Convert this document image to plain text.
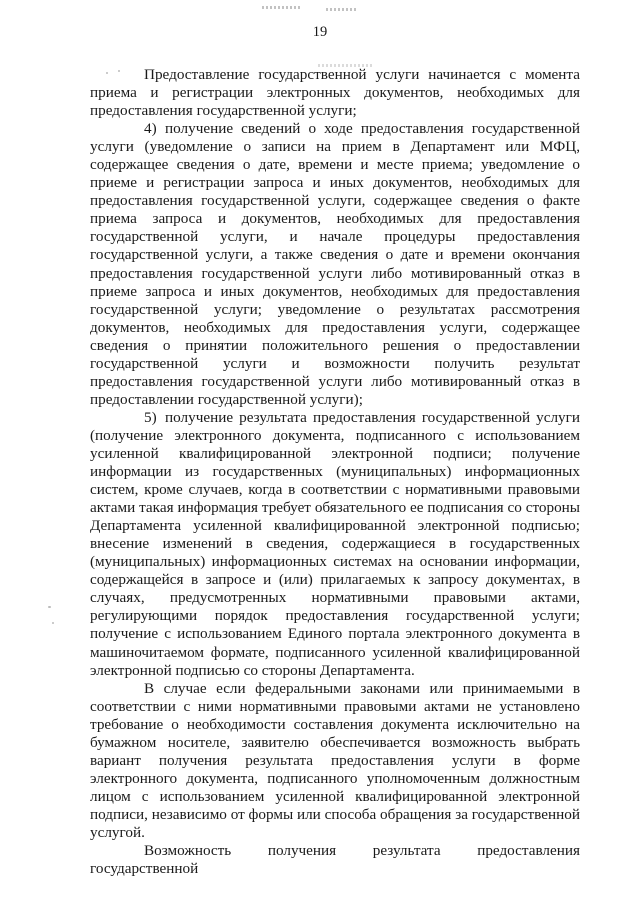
19

Предоставление государственной услуги начинается с момента приема и регистрации электронных документов, необходимых для предоставления государственной услуги;

4) получение сведений о ходе предоставления государственной услуги (уведомление о записи на прием в Департамент или МФЦ, содержащее сведения о дате, времени и месте приема; уведомление о приеме и регистрации запроса и иных документов, необходимых для предоставления государственной услуги, содержащее сведения о факте приема запроса и документов, необходимых для предоставления государственной услуги, и начале процедуры предоставления государственной услуги, а также сведения о дате и времени окончания предоставления государственной услуги либо мотивированный отказ в приеме запроса и иных документов, необходимых для предоставления государственной услуги; уведомление о результатах рассмотрения документов, необходимых для предоставления услуги, содержащее сведения о принятии положительного решения о предоставлении государственной услуги и возможности получить результат предоставления государственной услуги либо мотивированный отказ в предоставлении государственной услуги);

5) получение результата предоставления государственной услуги (получение электронного документа, подписанного с использованием усиленной квалифицированной электронной подписи; получение информации из государственных (муниципальных) информационных систем, кроме случаев, когда в соответствии с нормативными правовыми актами такая информация требует обязательного ее подписания со стороны Департамента усиленной квалифицированной электронной подписью; внесение изменений в сведения, содержащиеся в государственных (муниципальных) информационных системах на основании информации, содержащейся в запросе и (или) прилагаемых к запросу документах, в случаях, предусмотренных нормативными правовыми актами, регулирующими порядок предоставления государственной услуги; получение с использованием Единого портала электронного документа в машиночитаемом формате, подписанного усиленной квалифицированной электронной подписью со стороны Департамента.

В случае если федеральными законами или принимаемыми в соответствии с ними нормативными правовыми актами не установлено требование о необходимости составления документа исключительно на бумажном носителе, заявителю обеспечивается возможность выбрать вариант получения результата предоставления услуги в форме электронного документа, подписанного уполномоченным должностным лицом с использованием усиленной квалифицированной электронной подписи, независимо от формы или способа обращения за государственной услугой.

Возможность получения результата предоставления государственной
